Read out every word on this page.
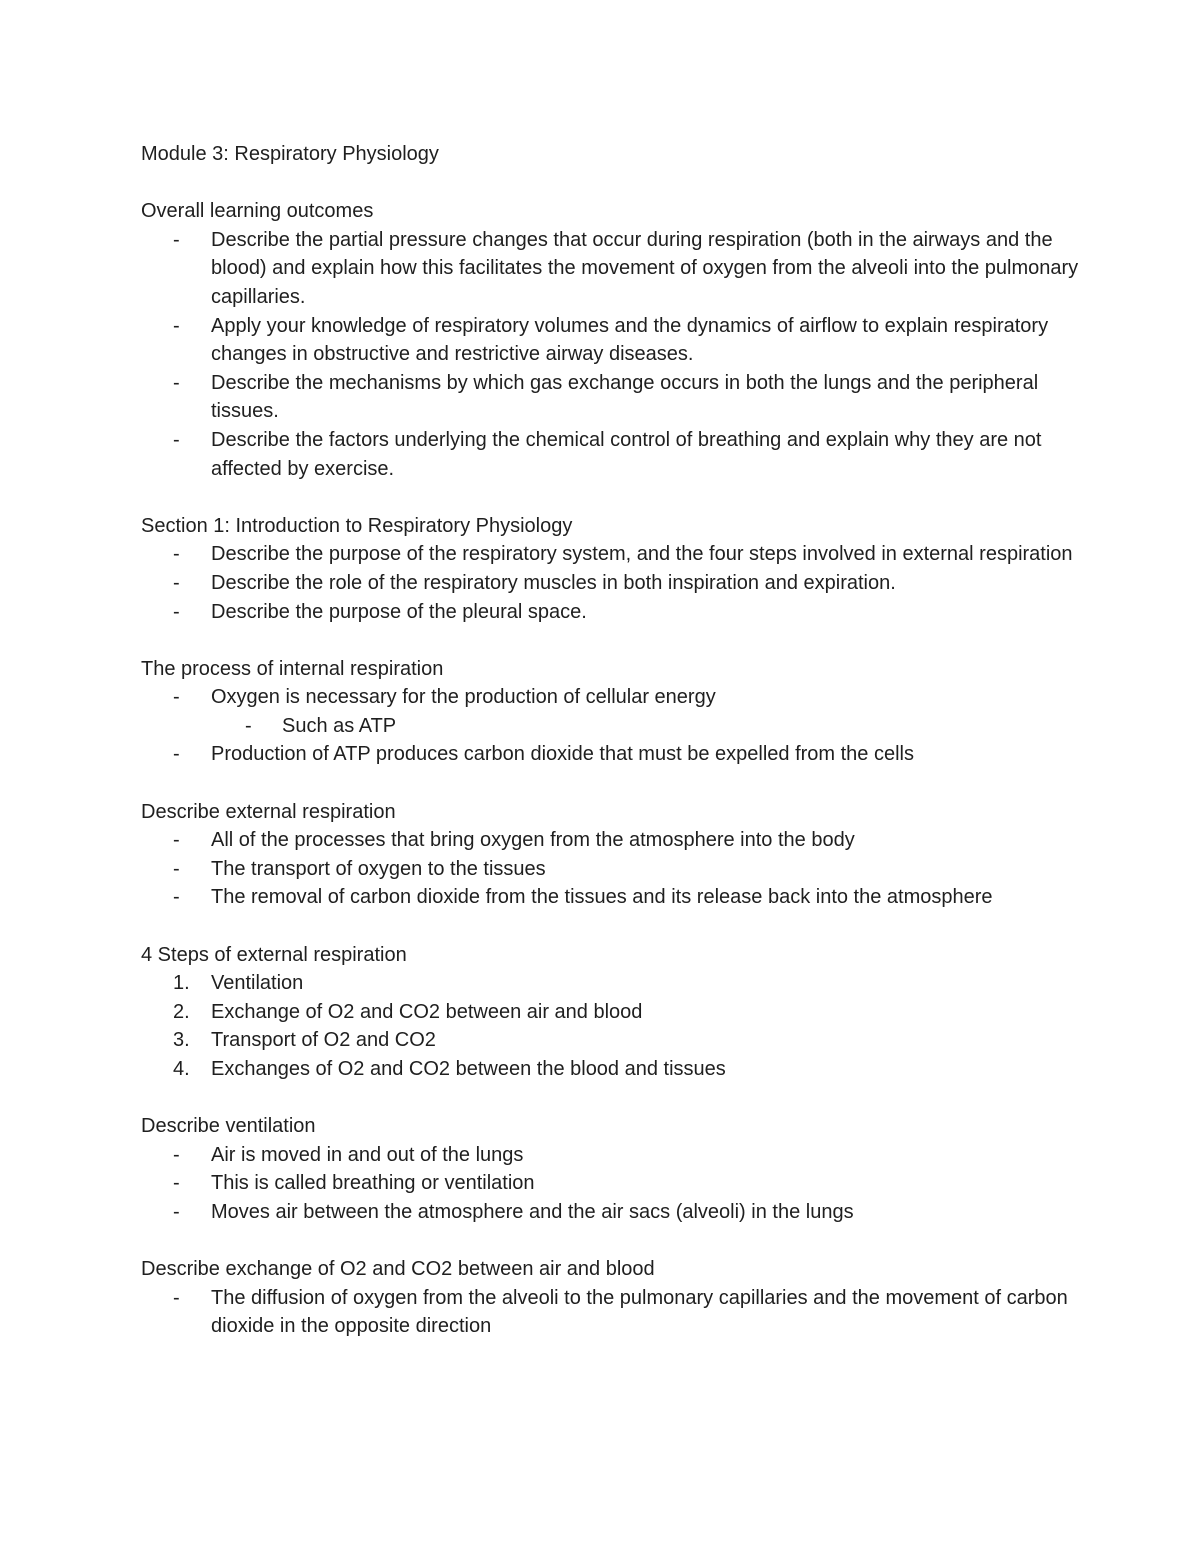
Module 3: Respiratory Physiology

Overall learning outcomes

- Describe the partial pressure changes that occur during respiration (both in the airways and the blood) and explain how this facilitates the movement of oxygen from the alveoli into the pulmonary capillaries.
- Apply your knowledge of respiratory volumes and the dynamics of airflow to explain respiratory changes in obstructive and restrictive airway diseases.
- Describe the mechanisms by which gas exchange occurs in both the lungs and the peripheral tissues.
- Describe the factors underlying the chemical control of breathing and explain why they are not affected by exercise.

Section 1: Introduction to Respiratory Physiology

- Describe the purpose of the respiratory system, and the four steps involved in external respiration
- Describe the role of the respiratory muscles in both inspiration and expiration.
- Describe the purpose of the pleural space.

The process of internal respiration

- Oxygen is necessary for the production of cellular energy
- Such as ATP
- Production of ATP produces carbon dioxide that must be expelled from the cells

Describe external respiration

- All of the processes that bring oxygen from the atmosphere into the body
- The transport of oxygen to the tissues
- The removal of carbon dioxide from the tissues and its release back into the atmosphere

4 Steps of external respiration

1. Ventilation
2. Exchange of O2 and CO2 between air and blood
3. Transport of O2 and CO2
4. Exchanges of O2 and CO2 between the blood and tissues

Describe ventilation

- Air is moved in and out of the lungs
- This is called breathing or ventilation
- Moves air between the atmosphere and the air sacs (alveoli) in the lungs

Describe exchange of O2 and CO2 between air and blood

- The diffusion of oxygen from the alveoli to the pulmonary capillaries and the movement of carbon dioxide in the opposite direction
